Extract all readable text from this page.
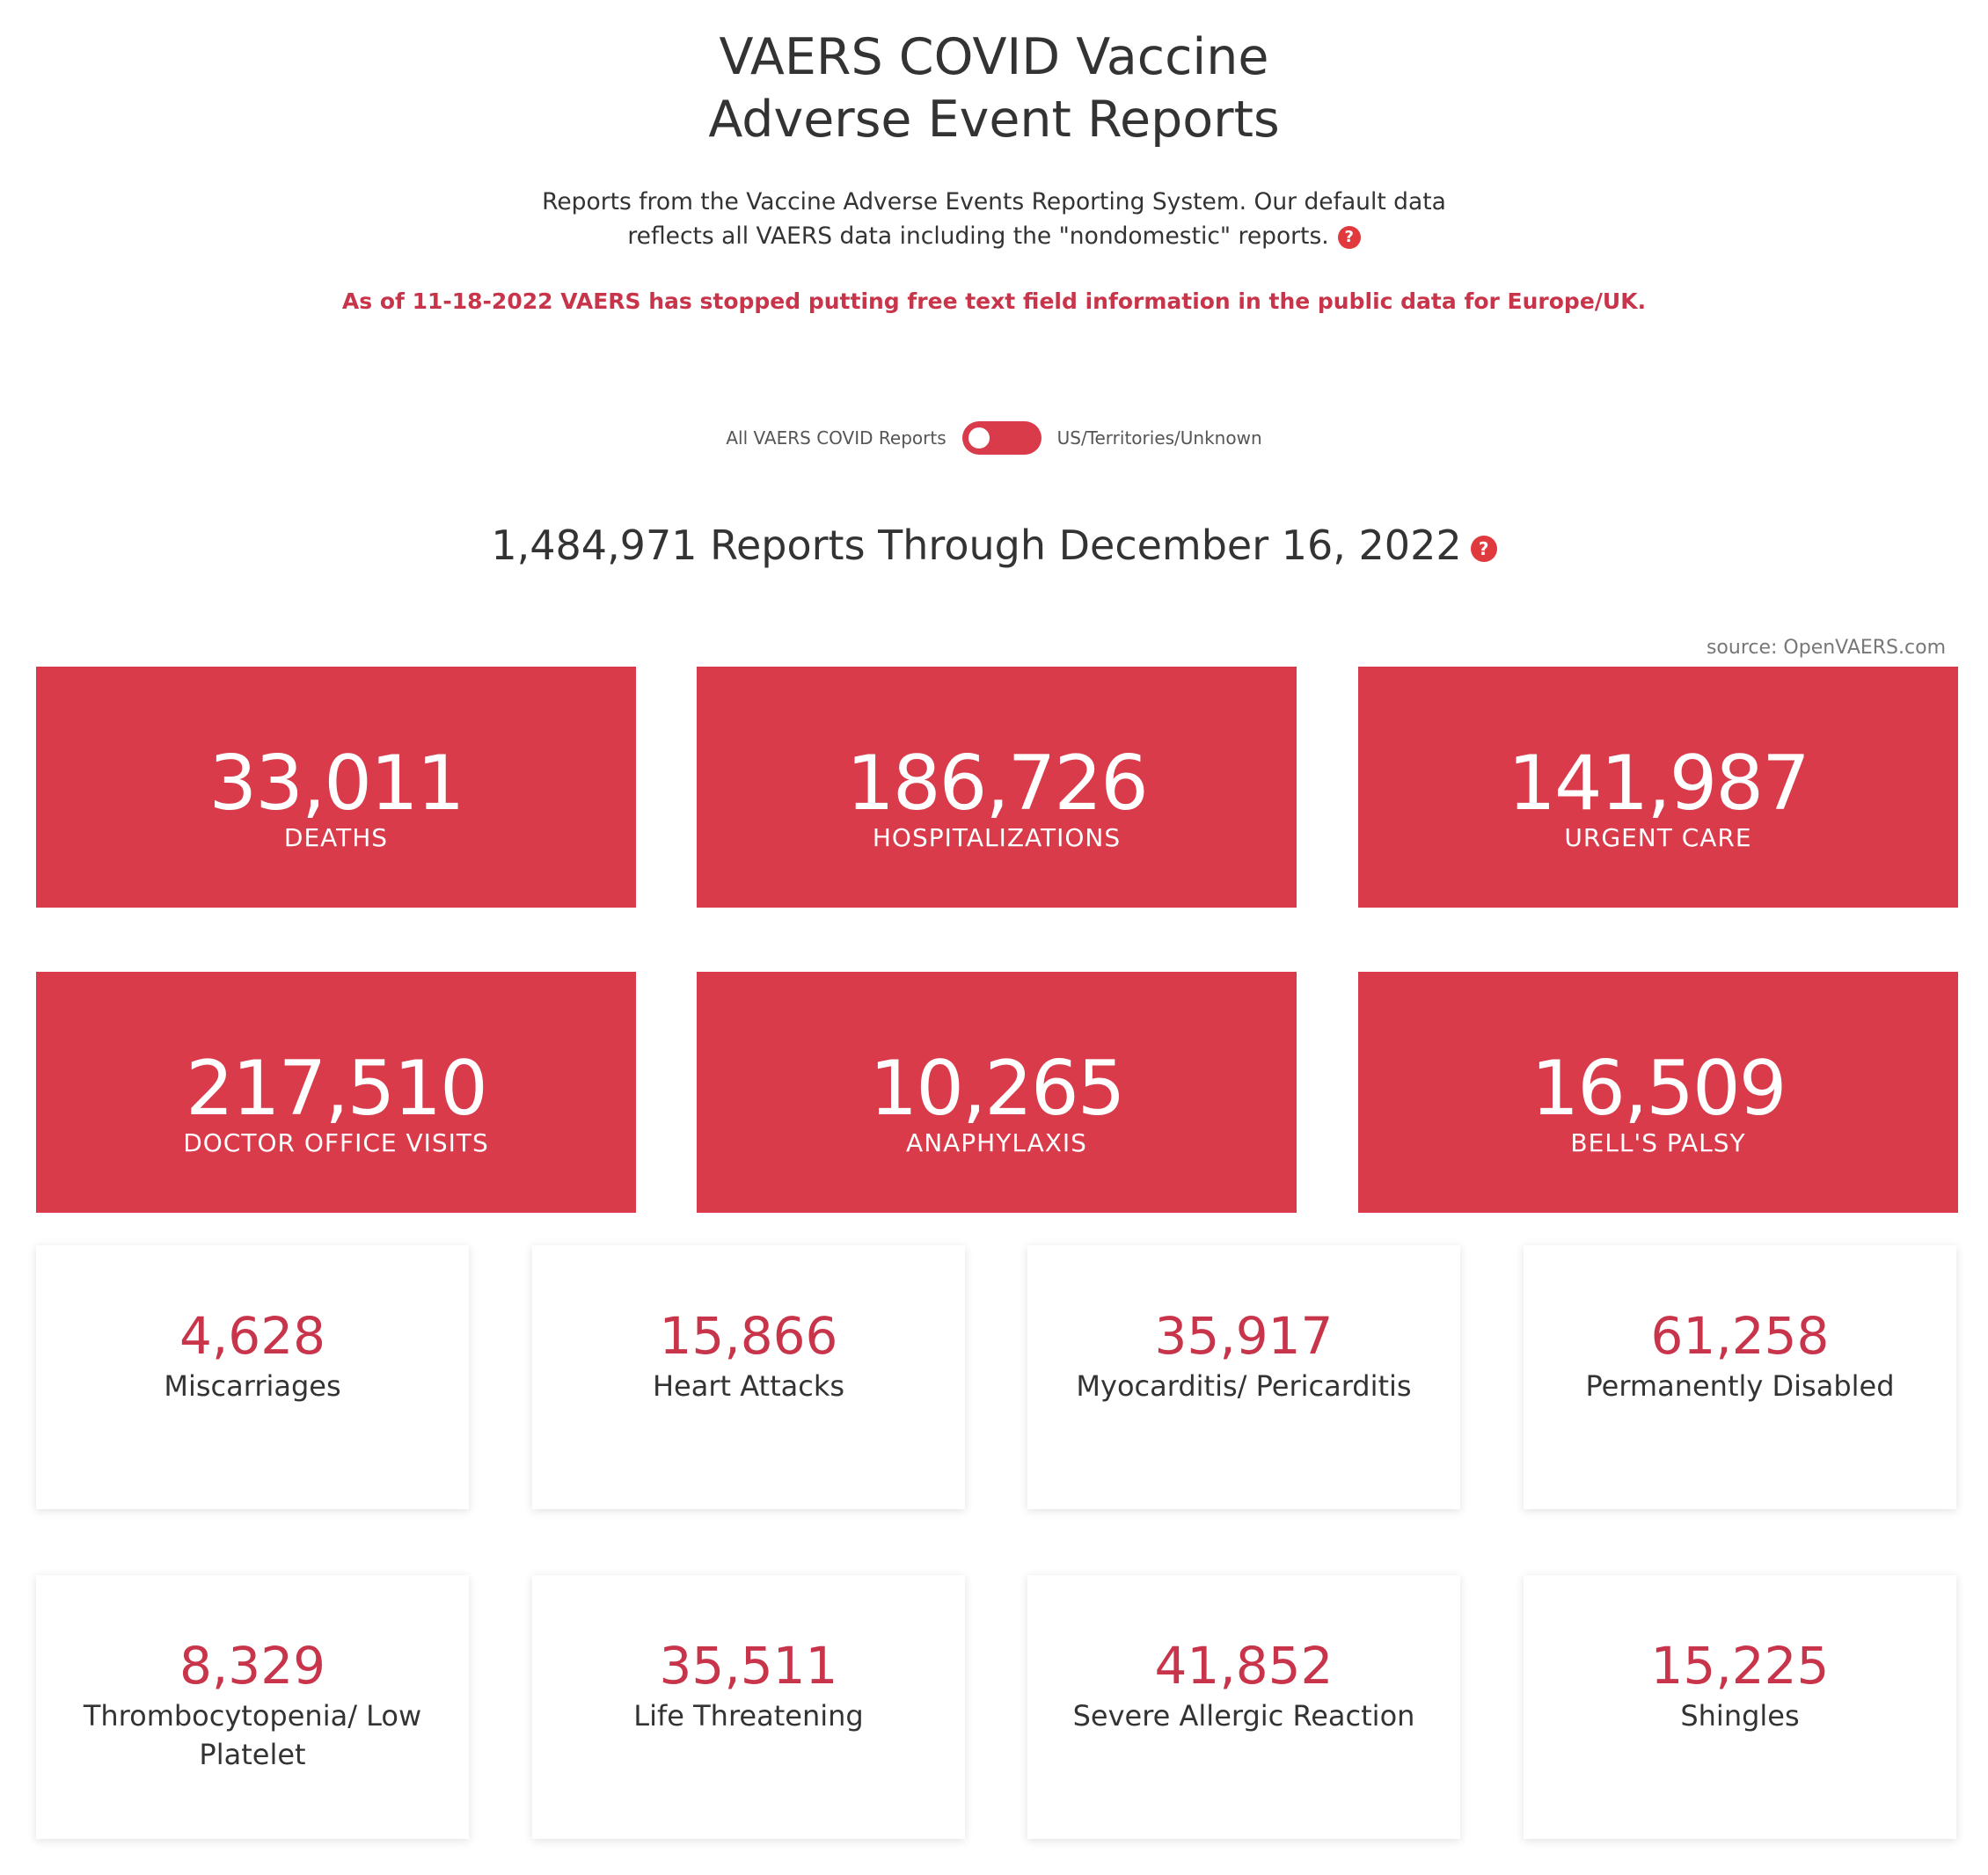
VAERS COVID Vaccine
Adverse Event Reports
Reports from the Vaccine Adverse Events Reporting System. Our default data
reflects all VAERS data including the "nondomestic" reports. ?
As of 11-18-2022 VAERS has stopped putting free text field information in the public data for Europe/UK.
All VAERS COVID Reports	US/Territories/Unknown
1,484,971 Reports Through December 16, 2022 ?
source: OpenVAERS.com
33,011
DEATHS
186,726
HOSPITALIZATIONS
141,987
URGENT CARE
217,510
DOCTOR OFFICE VISITS
10,265
ANAPHYLAXIS
16,509
BELL'S PALSY
4,628
Miscarriages
15,866
Heart Attacks
35,917
Myocarditis/ Pericarditis
61,258
Permanently Disabled
8,329
Thrombocytopenia/ Low Platelet
35,511
Life Threatening
41,852
Severe Allergic Reaction
15,225
Shingles
